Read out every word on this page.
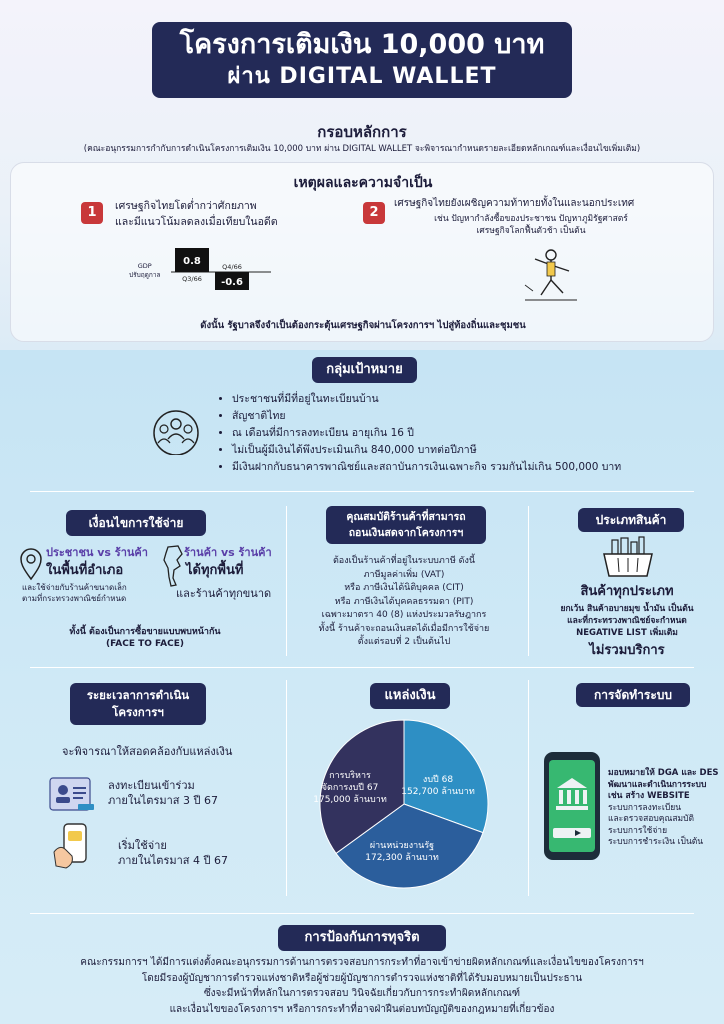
โครงการเติมเงิน 10,000 บาท
ผ่าน DIGITAL WALLET
กรอบหลักการ
(คณะอนุกรรมการกำกับการดำเนินโครงการเติมเงิน 10,000 บาท ผ่าน DIGITAL WALLET จะพิจารณากำหนดรายละเอียดหลักเกณฑ์และเงื่อนไขเพิ่มเติม)
เหตุผลและความจำเป็น
1	เศรษฐกิจไทยโตต่ำกว่าศักยภาพ
และมีแนวโน้มลดลงเมื่อเทียบในอดีต
2
เศรษฐกิจไทยยังเผชิญความท้าทายทั้งในและนอกประเทศ
เช่น ปัญหากำลังซื้อของประชาชน ปัญหาภูมิรัฐศาสตร์
เศรษฐกิจโลกฟื้นตัวช้า เป็นต้น
GDP
ปรับฤดูกาล
0.8
Q3/66 -0.6
Q4/66
ดังนั้น รัฐบาลจึงจำเป็นต้องกระตุ้นเศรษฐกิจผ่านโครงการฯ ไปสู่ท้องถิ่นและชุมชน
กลุ่มเป้าหมาย
• ประชาชนที่มีที่อยู่ในทะเบียนบ้าน
• สัญชาติไทย
• ณ เดือนที่มีการลงทะเบียน อายุเกิน 16 ปี
• ไม่เป็นผู้มีเงินได้พึงประเมินเกิน 840,000 บาทต่อปีภาษี
• มีเงินฝากกับธนาคารพาณิชย์และสถาบันการเงินเฉพาะกิจ รวมกันไม่เกิน 500,000 บาท
เงื่อนไขการใช้จ่าย
ประชาชน vs ร้านค้า
ในพื้นที่อำเภอ
และใช้จ่ายกับร้านค้าขนาดเล็ก
ตามที่กระทรวงพาณิชย์กำหนด
ร้านค้า vs ร้านค้า
ได้ทุกพื้นที่
และร้านค้าทุกขนาด
ทั้งนี้ ต้องเป็นการซื้อขายแบบพบหน้ากัน
(FACE TO FACE)
คุณสมบัติร้านค้าที่สามารถ
ถอนเงินสดจากโครงการฯ
ต้องเป็นร้านค้าที่อยู่ในระบบภาษี ดังนี้
ภาษีมูลค่าเพิ่ม (VAT)
หรือ ภาษีเงินได้นิติบุคคล (CIT)
หรือ ภาษีเงินได้บุคคลธรรมดา (PIT)
เฉพาะมาตรา 40 (8) แห่งประมวลรัษฎากร
ทั้งนี้ ร้านค้าจะถอนเงินสดได้เมื่อมีการใช้จ่าย
ตั้งแต่รอบที่ 2 เป็นต้นไป
ประเภทสินค้า
สินค้าทุกประเภท
ยกเว้น สินค้าอบายมุข น้ำมัน เป็นต้น
และที่กระทรวงพาณิชย์จะกำหนด
NEGATIVE LIST เพิ่มเติม
ไม่รวมบริการ
ระยะเวลาการดำเนิน
โครงการฯ
จะพิจารณาให้สอดคล้องกับแหล่งเงิน
ลงทะเบียนเข้าร่วม
ภายในไตรมาส 3 ปี 67
เริ่มใช้จ่าย
ภายในไตรมาส 4 ปี 67
แหล่งเงิน
งบปี 68
152,700 ล้านบาท
ผ่านหน่วยงานรัฐ
172,300 ล้านบาท
การบริหาร
จัดการงบปี 67
175,000 ล้านบาท
การจัดทำระบบ
มอบหมายให้ DGA และ DES
พัฒนาและดำเนินการระบบ
เช่น สร้าง WEBSITE
ระบบการลงทะเบียน
และตรวจสอบคุณสมบัติ
ระบบการใช้จ่าย
ระบบการชำระเงิน เป็นต้น
การป้องกันการทุจริต
คณะกรรมการฯ ได้มีการแต่งตั้งคณะอนุกรรมการด้านการตรวจสอบการกระทำที่อาจเข้าข่ายผิดหลักเกณฑ์และเงื่อนไขของโครงการฯ
โดยมีรองผู้บัญชาการตำรวจแห่งชาติหรือผู้ช่วยผู้บัญชาการตำรวจแห่งชาติที่ได้รับมอบหมายเป็นประธาน
ซึ่งจะมีหน้าที่หลักในการตรวจสอบ วินิจฉัยเกี่ยวกับการกระทำผิดหลักเกณฑ์
และเงื่อนไขของโครงการฯ หรือการกระทำที่อาจฝ่าฝืนต่อบทบัญญัติของกฎหมายที่เกี่ยวข้อง
